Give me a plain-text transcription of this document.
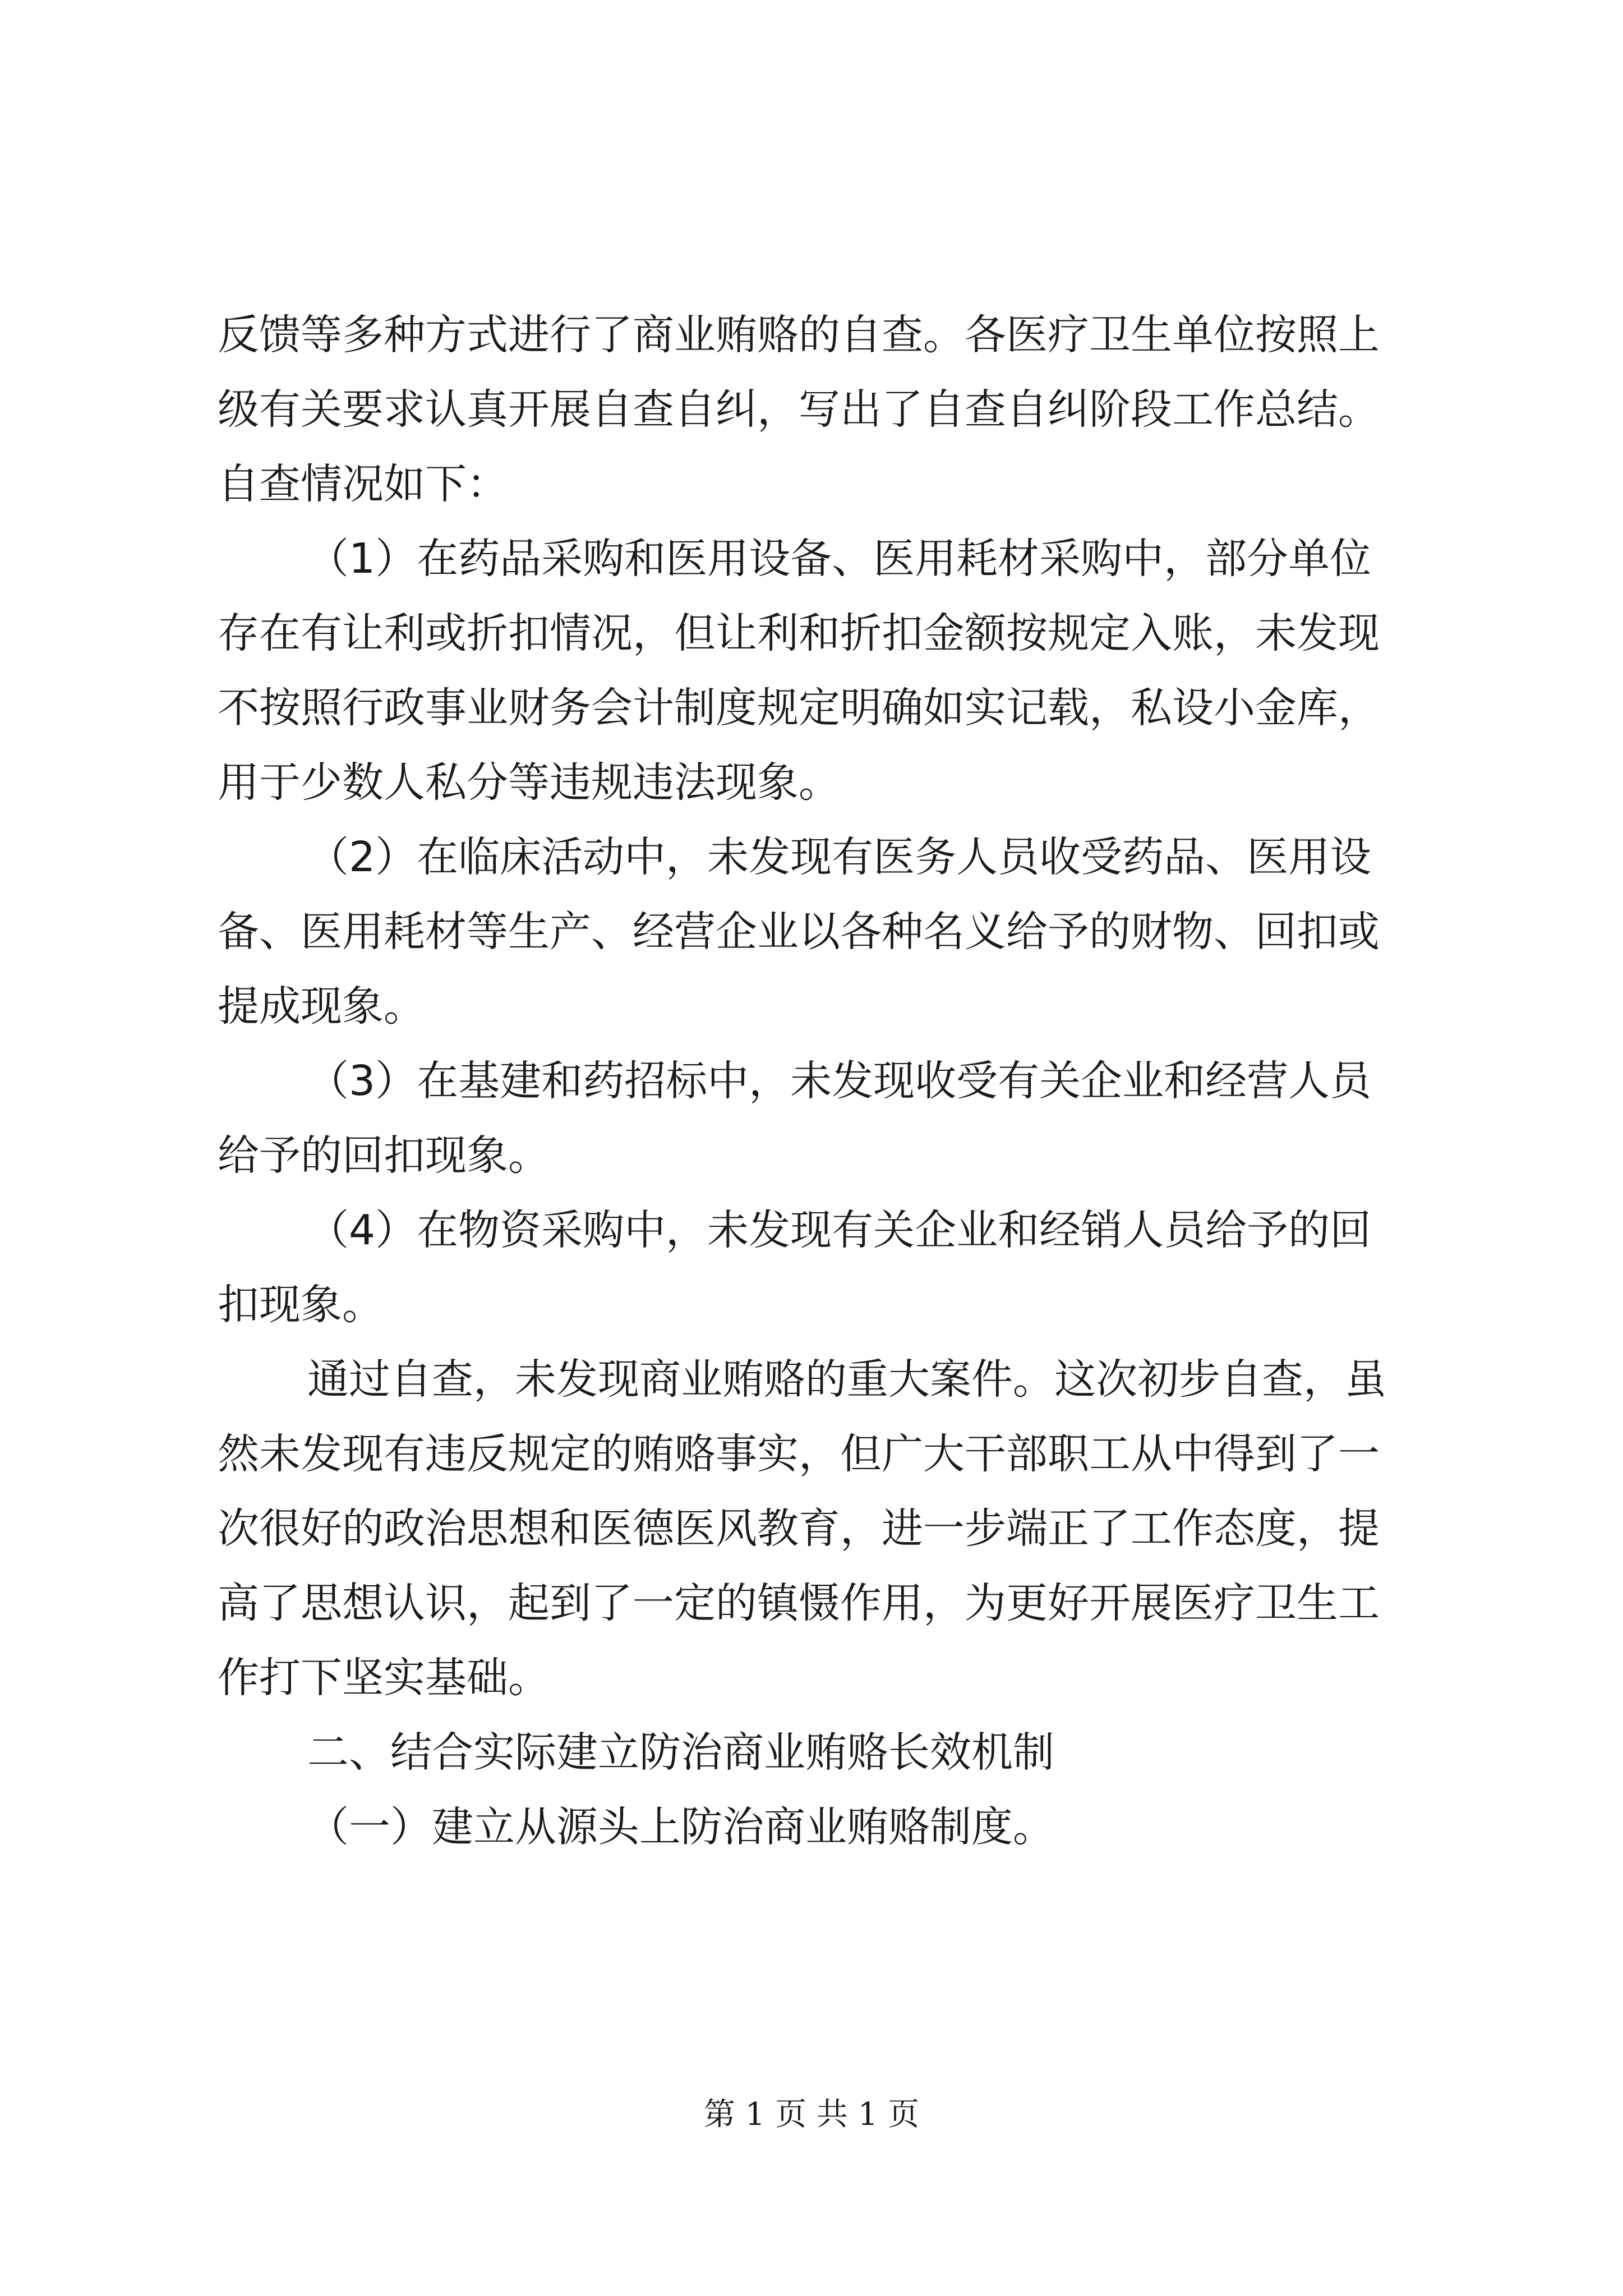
反馈等多种方式进行了商业贿赂的自查。各医疗卫生单位按照上
级有关要求认真开展自查自纠，写出了自查自纠阶段工作总结。
自查情况如下：
（1）在药品采购和医用设备、医用耗材采购中，部分单位
存在有让利或折扣情况，但让利和折扣金额按规定入账，未发现
不按照行政事业财务会计制度规定明确如实记载，私设小金库，
用于少数人私分等违规违法现象。
（2）在临床活动中，未发现有医务人员收受药品、医用设
备、医用耗材等生产、经营企业以各种名义给予的财物、回扣或
提成现象。
（3）在基建和药招标中，未发现收受有关企业和经营人员
给予的回扣现象。
（4）在物资采购中，未发现有关企业和经销人员给予的回
扣现象。
通过自查，未发现商业贿赂的重大案件。这次初步自查，虽
然未发现有违反规定的贿赂事实，但广大干部职工从中得到了一
次很好的政治思想和医德医风教育，进一步端正了工作态度，提
高了思想认识，起到了一定的镇慑作用，为更好开展医疗卫生工
作打下坚实基础。
二、结合实际建立防治商业贿赂长效机制
（一）建立从源头上防治商业贿赂制度。
第 1 页 共 1 页
